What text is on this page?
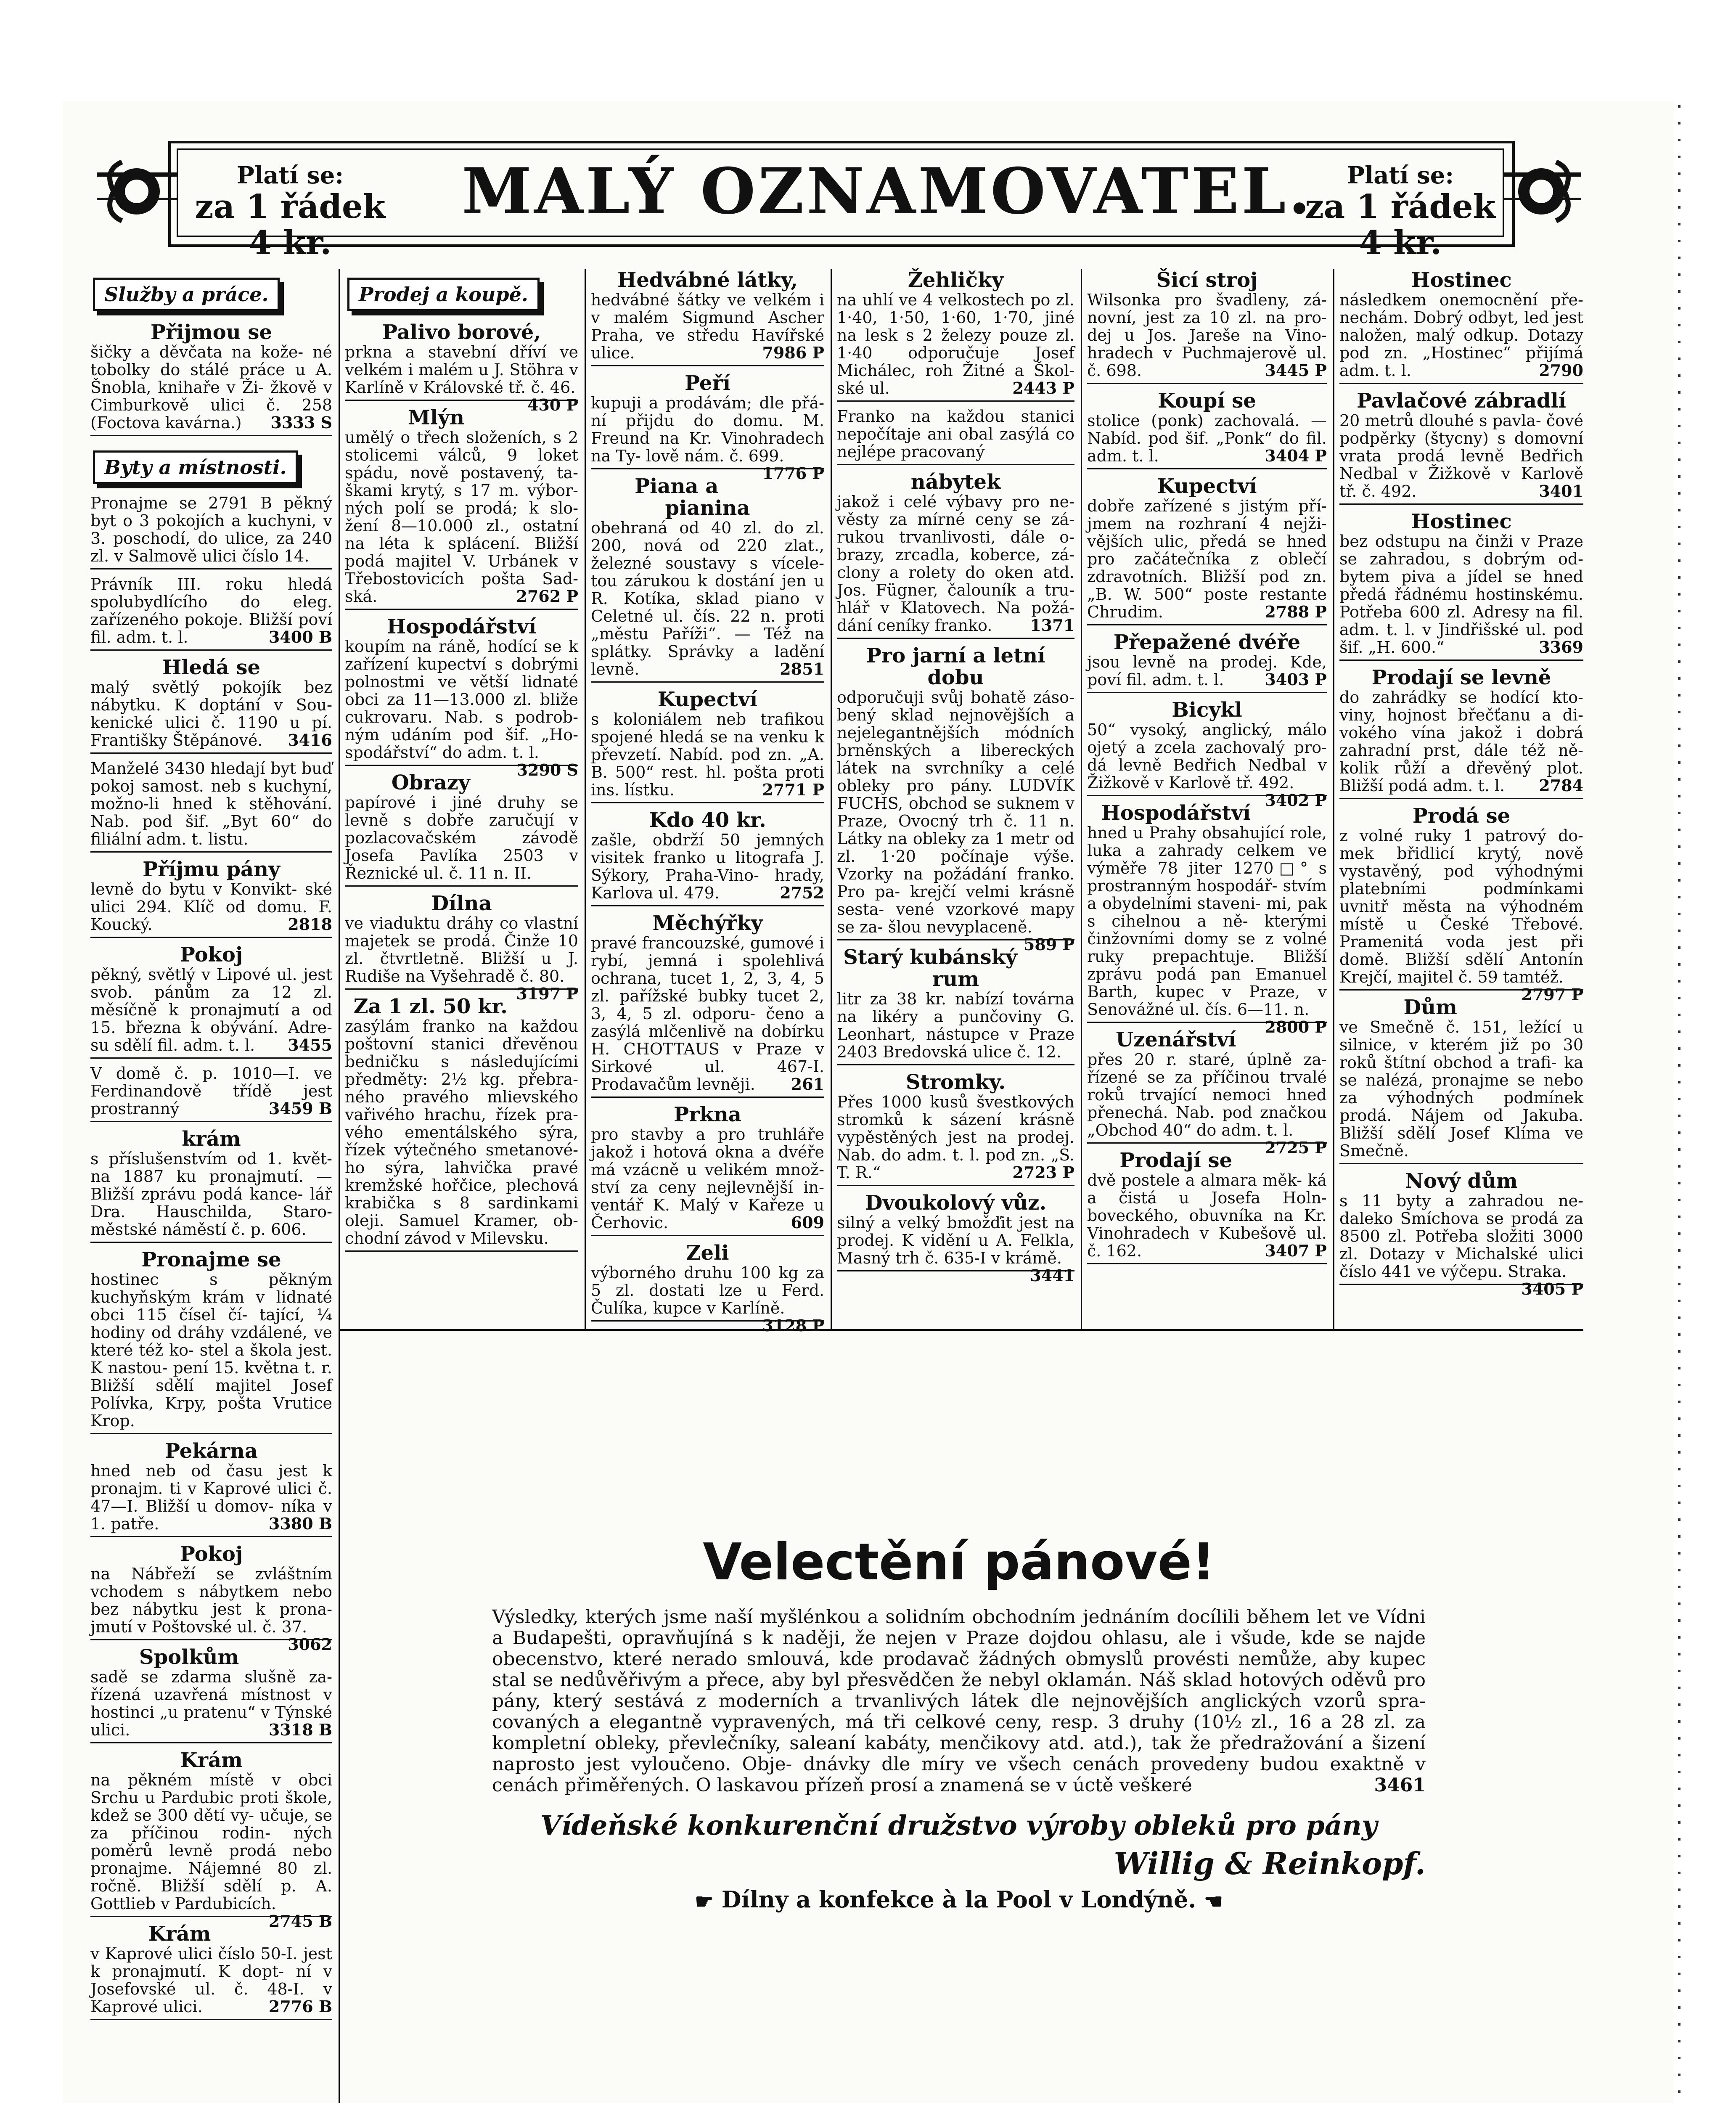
Platí se:
za 1 řádek 4 kr.
MALÝ OZNAMOVATEL.	Platí se:
za 1 řádek 4 kr.
Služby a práce.
Přijmou se

šičky a děvčata na kože- né tobolky do stálé práce u A. Šnobla, knihaře v Ži- žkově v Cimburkově ulici č. 258 (Foctova kavárna.) 3333 S

Byty a místnosti.

Pronajme se 2791 B pěkný byt o 3 pokojích a kuchyni, v 3. poschodí, do ulice, za 240 zl. v Salmově ulici číslo 14.

Právník III. roku hledá spolubydlícího do eleg. zařízeného pokoje. Bližší poví fil. adm. t. l.	3400 B

Hledá se

malý světlý pokojík bez nábytku. K doptání v Sou- kenické ulici č. 1190 u pí. Františky Štěpánové. 3416

Manželé 3430 hledají byt buď pokoj samost. neb s kuchyní, možno-li hned k stěhování. Nab. pod šif. „Byt 60“ do filiální adm. t. listu.

Příjmu pány

levně do bytu v Konvikt- ské ulici 294. Klíč od domu. F. Koucký.	2818

Pokoj

pěkný, světlý v Lipové ul. jest svob. pánům za 12 zl. měsíčně k pronajmutí a od 15. března k obývání. Adre- su sdělí fil. adm. t. l. 3455

V domě č. p. 1010—I. ve Ferdinandově třídě jest prostranný	3459 B

krám

s příslušenstvím od 1. květ- na 1887 ku pronajmutí. — Bližší zprávu podá kance- lář Dra. Hauschilda, Staro- městské náměstí č. p. 606.

Pronajme se

hostinec s pěkným kuchyňským krám v lidnaté obci 115 čísel čí- tající, ¼ hodiny od dráhy vzdálené, ve které též ko- stel a škola jest. K nastou- pení 15. května t. r. Bližší sdělí majitel Josef Polívka, Krpy, pošta Vrutice Krop.

Pekárna

hned neb od času jest k pronajm. ti v Kaprové ulici č. 47—I. Bližší u domov- níka v 1. patře.	3380 B

Pokoj

na Nábřeží se zvláštním vchodem s nábytkem nebo bez nábytku jest k prona- jmutí v Poštovské ul. č. 37.
3062

Spolkům

sadě se zdarma slušně za- řízená uzavřená místnost v hostinci „u pratenu“ v Týnské ulici.	3318 B

Krám

na pěkném místě v obci Srchu u Pardubic proti škole, kdež se 300 dětí vy- učuje, se za příčinou rodin- ných poměrů levně prodá nebo pronajme. Nájemné 80 zl. ročně. Bližší sdělí p. A. Gottlieb v Pardubicích.
2745 B

Krám

v Kaprové ulici číslo 50-I. jest k pronajmutí. K dopt- ní v Josefovské ul. č. 48-I. v Kaprové ulici.	2776 B

Prodej a koupě.
Palivo borové,

prkna a stavební dříví ve velkém i malém u J. Stöhra v Karlíně v Královské tř. č. 46.
430 P

Mlýn

umělý o třech složeních, s 2 stolicemi válců, 9 loket spádu, nově postavený, ta- škami krytý, s 17 m. výbor- ných polí se prodá; k slo- žení 8—10.000 zl., ostatní na léta k splácení. Bližší podá majitel V. Urbánek v Třebostovicích pošta Sad- ská.	2762 P

Hospodářství

koupím na ráně, hodící se k zařízení kupectví s dobrými polnostmi ve větší lidnaté obci za 11—13.000 zl. bliže cukrovaru. Nab. s podrob- ným udáním pod šif. „Ho- spodářství“ do adm. t. l.
3290 S

Obrazy

papírové i jiné druhy se levně s dobře zaručují v pozlacovačském závodě Josefa Pavlíka 2503 v Řeznické ul. č. 11 n. II.

Dílna

ve viaduktu dráhy co vlastní majetek se prodá. Činže 10 zl. čtvrtletně. Bližší u J. Rudiše na Vyšehradě č. 80.
3197 P

Za 1 zl. 50 kr.

zasýlám franko na každou poštovní stanici dřevěnou bedničku s následujícími předměty: 2½ kg. přebra- ného pravého mlievského vařivého hrachu, řízek pra- vého ementálského sýra, řízek výtečného smetanové- ho sýra, lahvička pravé kremžské hořčice, plechová krabička s 8 sardinkami oleji. Samuel Kramer, ob- chodní závod v Milevsku.

Hedvábné látky,

hedvábné šátky ve velkém i v malém Sigmund Ascher Praha, ve středu Havířské ulice.	7986 P

Peří

kupuji a prodávám; dle přá- ní přijdu do domu. M. Freund na Kr. Vinohradech na Ty- lově nám. č. 699.
1776 P

Piana a pianina

obehraná od 40 zl. do zl. 200, nová od 220 zlat., železné soustavy s vícele- tou zárukou k dostání jen u R. Kotíka, sklad piano v Celetné ul. čís. 22 n. proti „městu Paříži“. — Též na splátky. Správky a ladění levně.	2851

Kupectví

s koloniálem neb trafikou spojené hledá se na venku k převzetí. Nabíd. pod zn. „A. B. 500“ rest. hl. pošta proti ins. lístku.	2771 P

Kdo 40 kr.

zašle, obdrží 50 jemných visitek franko u litografa J. Sýkory, Praha-Vino- hrady, Karlova ul. 479.	2752

Měchýřky

pravé francouzské, gumové i rybí, jemná i spolehlivá ochrana, tucet 1, 2, 3, 4, 5 zl. pařížské bubky tucet 2, 3, 4, 5 zl. odporu- čeno a zasýlá mlčenlivě na dobírku H. CHOTTAUS v Praze v Sirkové ul. 467-I. Prodavačům levněji. 261

Prkna

pro stavby a pro truhláře jakož i hotová okna a dvéře má vzácně u velikém množ- ství za ceny nejlevnější in- ventář K. Malý v Kařeze u Čerhovic.	609

Zeli

výborného druhu 100 kg za 5 zl. dostati lze u Ferd. Čulíka, kupce v Karlíně.
3128 P

Žehličky

na uhlí ve 4 velkostech po zl. 1·40, 1·50, 1·60, 1·70, jiné na lesk s 2 železy pouze zl. 1·40 odporučuje Josef Michálec, roh Žitné a Škol- ské ul.	2443 P

Franko na každou stanici nepočítaje ani obal zasýlá co nejlépe pracovaný

nábytek

jakož i celé výbavy pro ne- věsty za mírné ceny se zá- rukou trvanlivosti, dále o- brazy, zrcadla, koberce, zá- clony a rolety do oken atd. Jos. Fügner, čalouník a tru- hlář v Klatovech. Na požá- dání ceníky franko. 1371

Pro jarní a letní dobu

odporučuji svůj bohatě záso- bený sklad nejnovějších a nejelegantnějších módních brněnských a libereckých látek na svrchníky a celé obleky pro pány. LUDVÍK FUCHS, obchod se suknem v Praze, Ovocný trh č. 11 n. Látky na obleky za 1 metr od zl. 1·20 počínaje výše. Vzorky na požádání franko. Pro pa- krejčí velmi krásně sesta- vené vzorkové mapy se za- šlou nevyplaceně.
589 P

Starý kubánský rum

litr za 38 kr. nabízí továrna na likéry a punčoviny G. Leonhart, nástupce v Praze 2403 Bredovská ulice č. 12.

Stromky.

Přes 1000 kusů švestkových stromků k sázení krásně vypěstěných jest na prodej. Nab. do adm. t. l. pod zn. „S. T. R.“	2723 P

Dvoukolový vůz.

silný a velký bmožďit jest na prodej. K vidění u A. Felkla, Masný trh č. 635-I v krámě.
3441

Šicí stroj

Wilsonka pro švadleny, zá- novní, jest za 10 zl. na pro- dej u Jos. Jareše na Vino- hradech v Puchmajerově ul. č. 698.	3445 P

Koupí se

stolice (ponk) zachovalá. — Nabíd. pod šif. „Ponk“ do fil. adm. t. l.	3404 P

Kupectví

dobře zařízené s jistým pří- jmem na rozhraní 4 nejži- vějších ulic, předá se hned pro začátečníka z oblečí zdravotních. Bližší pod zn. „B. W. 500“ poste restante Chrudim.	2788 P

Přepažené dvéře

jsou levně na prodej. Kde, poví fil. adm. t. l.	3403 P

Bicykl

50“ vysoký, anglický, málo ojetý a zcela zachovalý pro- dá levně Bedřich Nedbal v Žižkově v Karlově tř. 492.
3402 P

Hospodářství

hned u Prahy obsahující role, luka a zahrady celkem ve výměře 78 jiter 1270□° s prostranným hospodář- stvím a obydelními staveni- mi, pak s cihelnou a ně- kterými činžovními domy se z volné ruky prepachtuje. Bližší zprávu podá pan Emanuel Barth, kupec v Praze, v Senovážné ul. čís. 6—11. n.
2800 P

Uzenářství

přes 20 r. staré, úplně za- řízené se za příčinou trvalé roků trvající nemoci hned přenechá. Nab. pod značkou „Obchod 40“ do adm. t. l.
2725 P

Prodají se

dvě postele a almara měk- ká a čistá u Josefa Holn- boveckého, obuvníka na Kr. Vinohradech v Kubešově ul. č. 162.	3407 P

Hostinec

následkem onemocnění pře- nechám. Dobrý odbyt, led jest naložen, malý odkup. Dotazy pod zn. „Hostinec“ přijímá adm. t. l.	2790

Pavlačové zábradlí

20 metrů dlouhé s pavla- čové podpěrky (štycny) s domovní vrata prodá levně Bedřich Nedbal v Žižkově v Karlově tř. č. 492.	3401

Hostinec

bez odstupu na činži v Praze se zahradou, s dobrým od- bytem piva a jídel se hned předá řádnému hostinskému. Potřeba 600 zl. Adresy na fil. adm. t. l. v Jindřišské ul. pod šif. „H. 600.“	3369

Prodají se levně

do zahrádky se hodící kto- viny, hojnost břečťanu a di- vokého vína jakož i dobrá zahradní prst, dále též ně- kolik růží a dřevěný plot. Bližší podá adm. t. l. 2784

Prodá se

z volné ruky 1 patrový do- mek břidlicí krytý, nově vystavěný, pod výhodnými platebními podmínkami uvnitř města na výhodném místě u České Třebové. Pramenitá voda jest při domě. Bližší sdělí Antonín Krejčí, majitel č. 59 tamtéž.
2797 P

Dům

ve Smečně č. 151, ležící u silnice, v kterém již po 30 roků štítní obchod a trafi- ka se nalézá, pronajme se nebo za výhodných podmínek prodá. Nájem od Jakuba. Bližší sdělí Josef Klíma ve Smečně.

Nový dům

s 11 byty a zahradou ne- daleko Smíchova se prodá za 8500 zl. Potřeba složiti 3000 zl. Dotazy v Michalské ulici číslo 441 ve výčepu. Straka.
3405 P

Velectění pánové!
Výsledky, kterých jsme naší myšlénkou a solidním obchodním jednáním docílili během let ve Vídni a Budapešti, opravňujíná s k naději, že nejen v Praze dojdou ohlasu, ale i všude, kde se najde obecenstvo, které nerado smlouvá, kde prodavač žádných obmyslů provésti nemůže, aby kupec stal se nedůvěřivým a přece, aby byl přesvědčen že nebyl oklamán. Náš sklad hotových oděvů pro pány, který sestává z moderních a trvanlivých látek dle nejnovějších anglických vzorů spra- covaných a elegantně vypravených, má tři celkové ceny, resp. 3 druhy (10½ zl., 16 a 28 zl. za kompletní obleky, převlečníky, saleaní kabáty, menčikovy atd. atd.), tak že předražování a šizení naprosto jest vyloučeno. Obje- dnávky dle míry ve všech cenách provedeny budou exaktně v cenách přiměřených. O laskavou přízeň prosí a znamená se v úctě veškeré	3461
Vídeňské konkurenční družstvo výroby obleků pro pány
Willig & Reinkopf.
☛ Dílny a konfekce à la Pool v Londýně. ☚
